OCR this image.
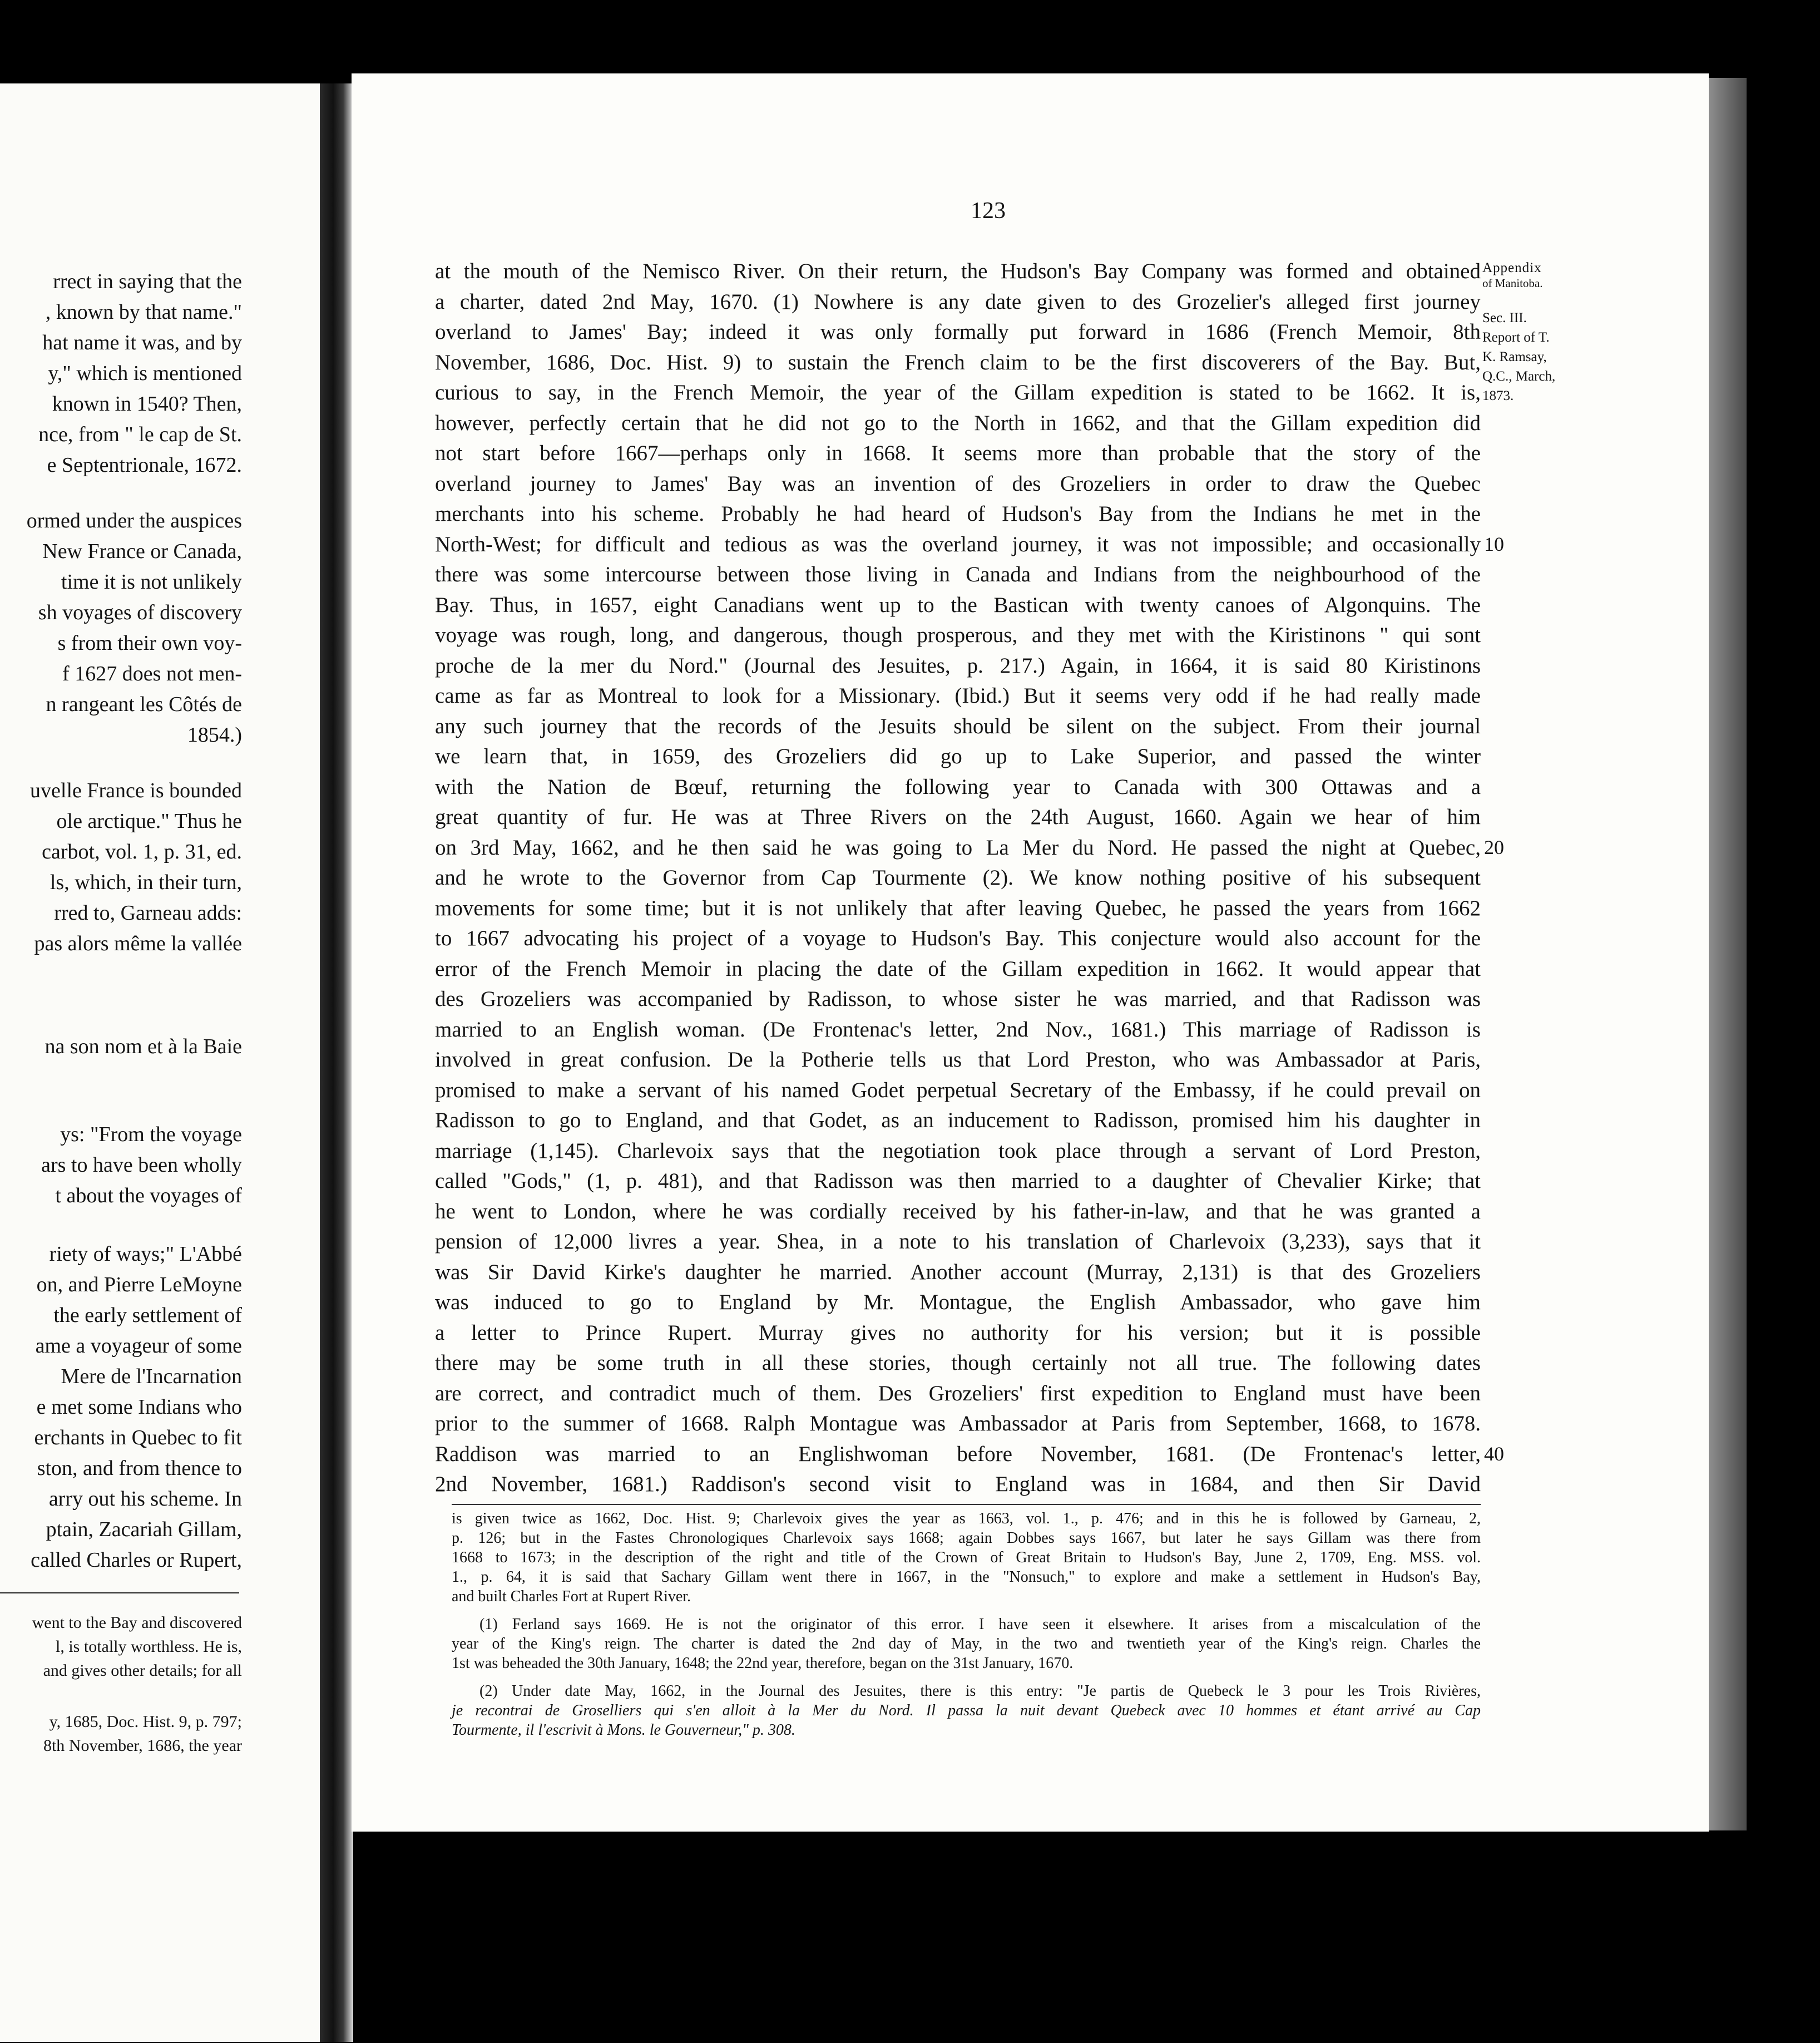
rrect in saying that the
, known by that name."
hat name it was, and by
y," which is mentioned
known in 1540? Then,
nce, from " le cap de St.
e Septentrionale, 1672.
ormed under the auspices
New France or Canada,
time it is not unlikely
sh voyages of discovery
s from their own voy-
f 1627 does not men-
n rangeant les Côtés de
1854.)
uvelle France is bounded
ole arctique." Thus he
carbot, vol. 1, p. 31, ed.
ls, which, in their turn,
rred to, Garneau adds:
pas alors même la vallée
na son nom et à la Baie
ys: "From the voyage
ars to have been wholly
t about the voyages of
riety of ways;" L'Abbé
on, and Pierre LeMoyne
the early settlement of
ame a voyageur of some
Mere de l'Incarnation
e met some Indians who
erchants in Quebec to fit
ston, and from thence to
arry out his scheme. In
ptain, Zacariah Gillam,
called Charles or Rupert,
went to the Bay and discovered
l, is totally worthless. He is,
and gives other details; for all
y, 1685, Doc. Hist. 9, p. 797;
8th November, 1686, the year
123
at the mouth of the Nemisco River. On their return, the Hudson's Bay Company was formed and obtained
a charter, dated 2nd May, 1670. (1) Nowhere is any date given to des Grozelier's alleged first journey
overland to James' Bay; indeed it was only formally put forward in 1686 (French Memoir, 8th
November, 1686, Doc. Hist. 9) to sustain the French claim to be the first discoverers of the Bay. But,
curious to say, in the French Memoir, the year of the Gillam expedition is stated to be 1662. It is,
however, perfectly certain that he did not go to the North in 1662, and that the Gillam expedition did
not start before 1667—perhaps only in 1668. It seems more than probable that the story of the
overland journey to James' Bay was an invention of des Grozeliers in order to draw the Quebec
merchants into his scheme. Probably he had heard of Hudson's Bay from the Indians he met in the
North-West; for difficult and tedious as was the overland journey, it was not impossible; and occasionally
there was some intercourse between those living in Canada and Indians from the neighbourhood of the
Bay. Thus, in 1657, eight Canadians went up to the Bastican with twenty canoes of Algonquins. The
voyage was rough, long, and dangerous, though prosperous, and they met with the Kiristinons " qui sont
proche de la mer du Nord." (Journal des Jesuites, p. 217.) Again, in 1664, it is said 80 Kiristinons
came as far as Montreal to look for a Missionary. (Ibid.) But it seems very odd if he had really made
any such journey that the records of the Jesuits should be silent on the subject. From their journal
we learn that, in 1659, des Grozeliers did go up to Lake Superior, and passed the winter
with the Nation de Bœuf, returning the following year to Canada with 300 Ottawas and a
great quantity of fur. He was at Three Rivers on the 24th August, 1660. Again we hear of him
on 3rd May, 1662, and he then said he was going to La Mer du Nord. He passed the night at Quebec,
and he wrote to the Governor from Cap Tourmente (2). We know nothing positive of his subsequent
movements for some time; but it is not unlikely that after leaving Quebec, he passed the years from 1662
to 1667 advocating his project of a voyage to Hudson's Bay. This conjecture would also account for the
error of the French Memoir in placing the date of the Gillam expedition in 1662. It would appear that
des Grozeliers was accompanied by Radisson, to whose sister he was married, and that Radisson was
married to an English woman. (De Frontenac's letter, 2nd Nov., 1681.) This marriage of Radisson is
involved in great confusion. De la Potherie tells us that Lord Preston, who was Ambassador at Paris,
promised to make a servant of his named Godet perpetual Secretary of the Embassy, if he could prevail on
Radisson to go to England, and that Godet, as an inducement to Radisson, promised him his daughter in
marriage (1,145). Charlevoix says that the negotiation took place through a servant of Lord Preston,
called "Gods," (1, p. 481), and that Radisson was then married to a daughter of Chevalier Kirke; that
he went to London, where he was cordially received by his father-in-law, and that he was granted a
pension of 12,000 livres a year. Shea, in a note to his translation of Charlevoix (3,233), says that it
was Sir David Kirke's daughter he married. Another account (Murray, 2,131) is that des Grozeliers
was induced to go to England by Mr. Montague, the English Ambassador, who gave him
a letter to Prince Rupert. Murray gives no authority for his version; but it is possible
there may be some truth in all these stories, though certainly not all true. The following dates
are correct, and contradict much of them. Des Grozeliers' first expedition to England must have been
prior to the summer of 1668. Ralph Montague was Ambassador at Paris from September, 1668, to 1678.
Raddison was married to an Englishwoman before November, 1681. (De Frontenac's letter,
2nd November, 1681.) Raddison's second visit to England was in 1684, and then Sir David
Appendix
of Manitoba.
Sec. III.
Report of T.
K. Ramsay,
Q.C., March,
1873.
10
20
40
is given twice as 1662, Doc. Hist. 9; Charlevoix gives the year as 1663, vol. 1., p. 476; and in this he is followed by Garneau, 2,
p. 126; but in the Fastes Chronologiques Charlevoix says 1668; again Dobbes says 1667, but later he says Gillam was there from
1668 to 1673; in the description of the right and title of the Crown of Great Britain to Hudson's Bay, June 2, 1709, Eng. MSS. vol.
1., p. 64, it is said that Sachary Gillam went there in 1667, in the "Nonsuch," to explore and make a settlement in Hudson's Bay,
and built Charles Fort at Rupert River.
(1) Ferland says 1669. He is not the originator of this error. I have seen it elsewhere. It arises from a miscalculation of the
year of the King's reign. The charter is dated the 2nd day of May, in the two and twentieth year of the King's reign. Charles the
1st was beheaded the 30th January, 1648; the 22nd year, therefore, began on the 31st January, 1670.
(2) Under date May, 1662, in the Journal des Jesuites, there is this entry: "Je partis de Quebeck le 3 pour les Trois Rivières,
je recontrai de Groselliers qui s'en alloit à la Mer du Nord. Il passa la nuit devant Quebeck avec 10 hommes et étant arrivé au Cap
Tourmente, il l'escrivit à Mons. le Gouverneur," p. 308.
